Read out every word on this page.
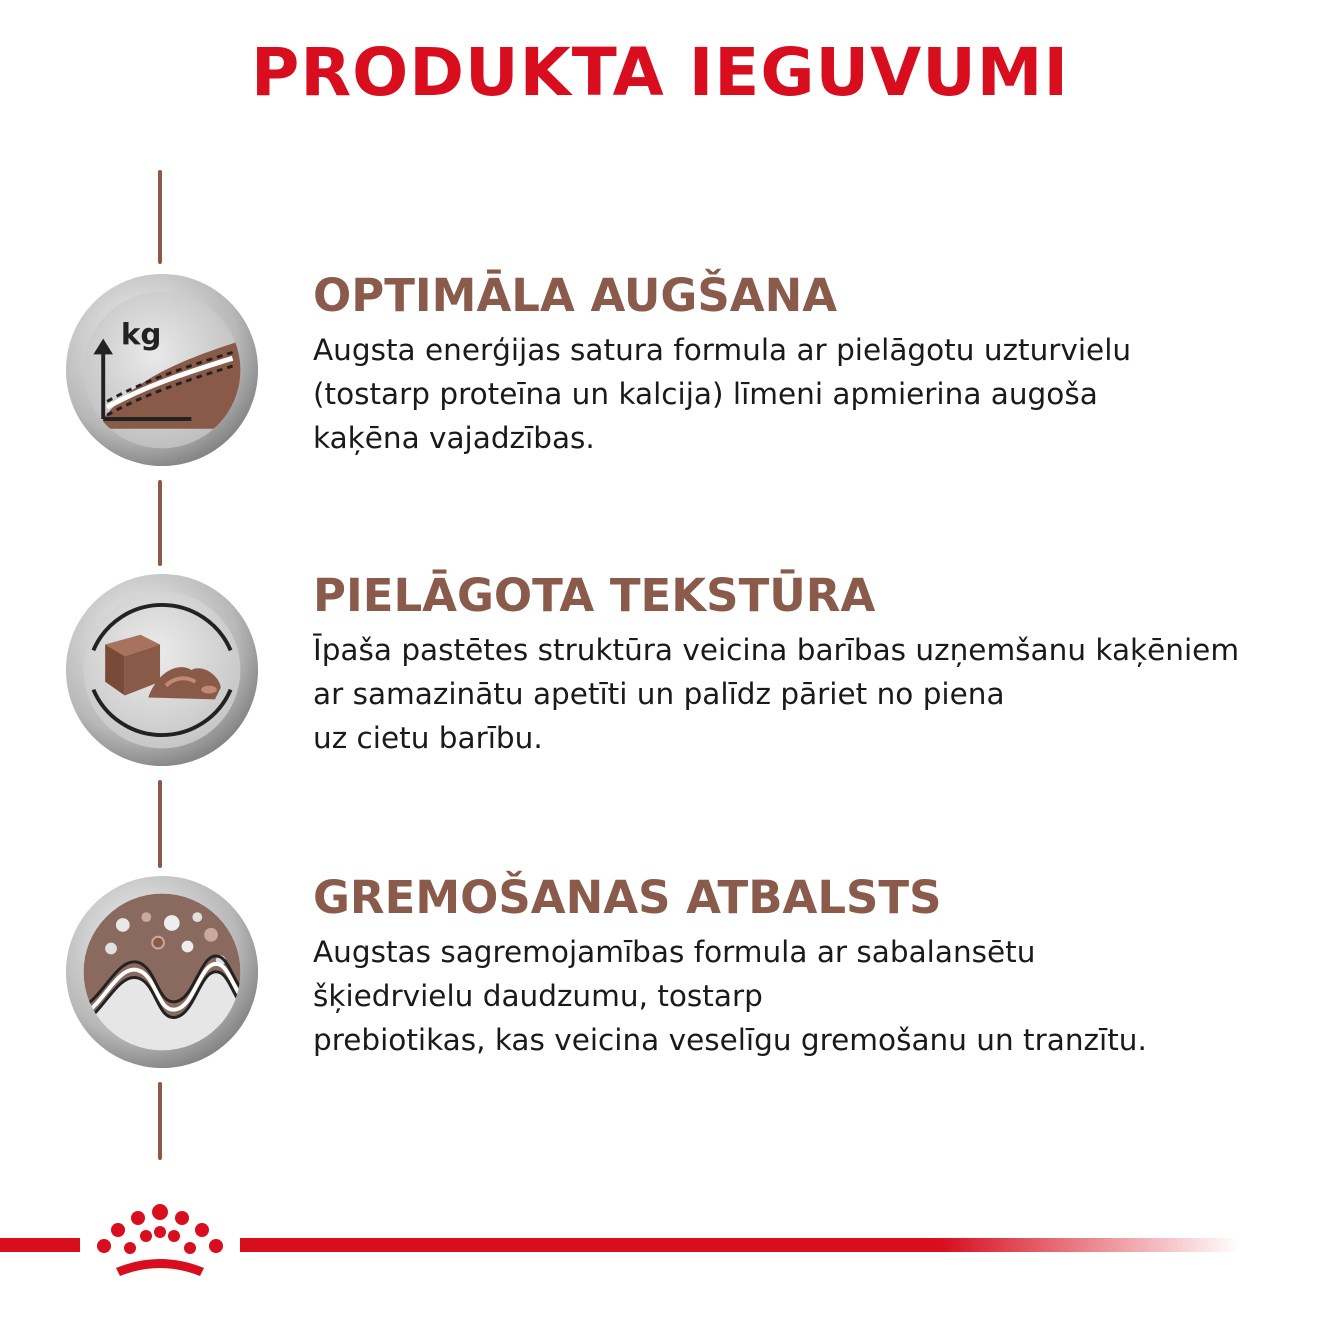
PRODUKTA IEGUVUMI
kg
OPTIMĀLA AUGŠANA
Augsta enerģijas satura formula ar pielāgotu uzturvielu
(tostarp proteīna un kalcija) līmeni apmierina augoša
kaķēna vajadzības.
PIELĀGOTA TEKSTŪRA
Īpaša pastētes struktūra veicina barības uzņemšanu kaķēniem
ar samazinātu apetīti un palīdz pāriet no piena
uz cietu barību.
GREMOŠANAS ATBALSTS
Augstas sagremojamības formula ar sabalansētu
šķiedrvielu daudzumu, tostarp
prebiotikas, kas veicina veselīgu gremošanu un tranzītu.
